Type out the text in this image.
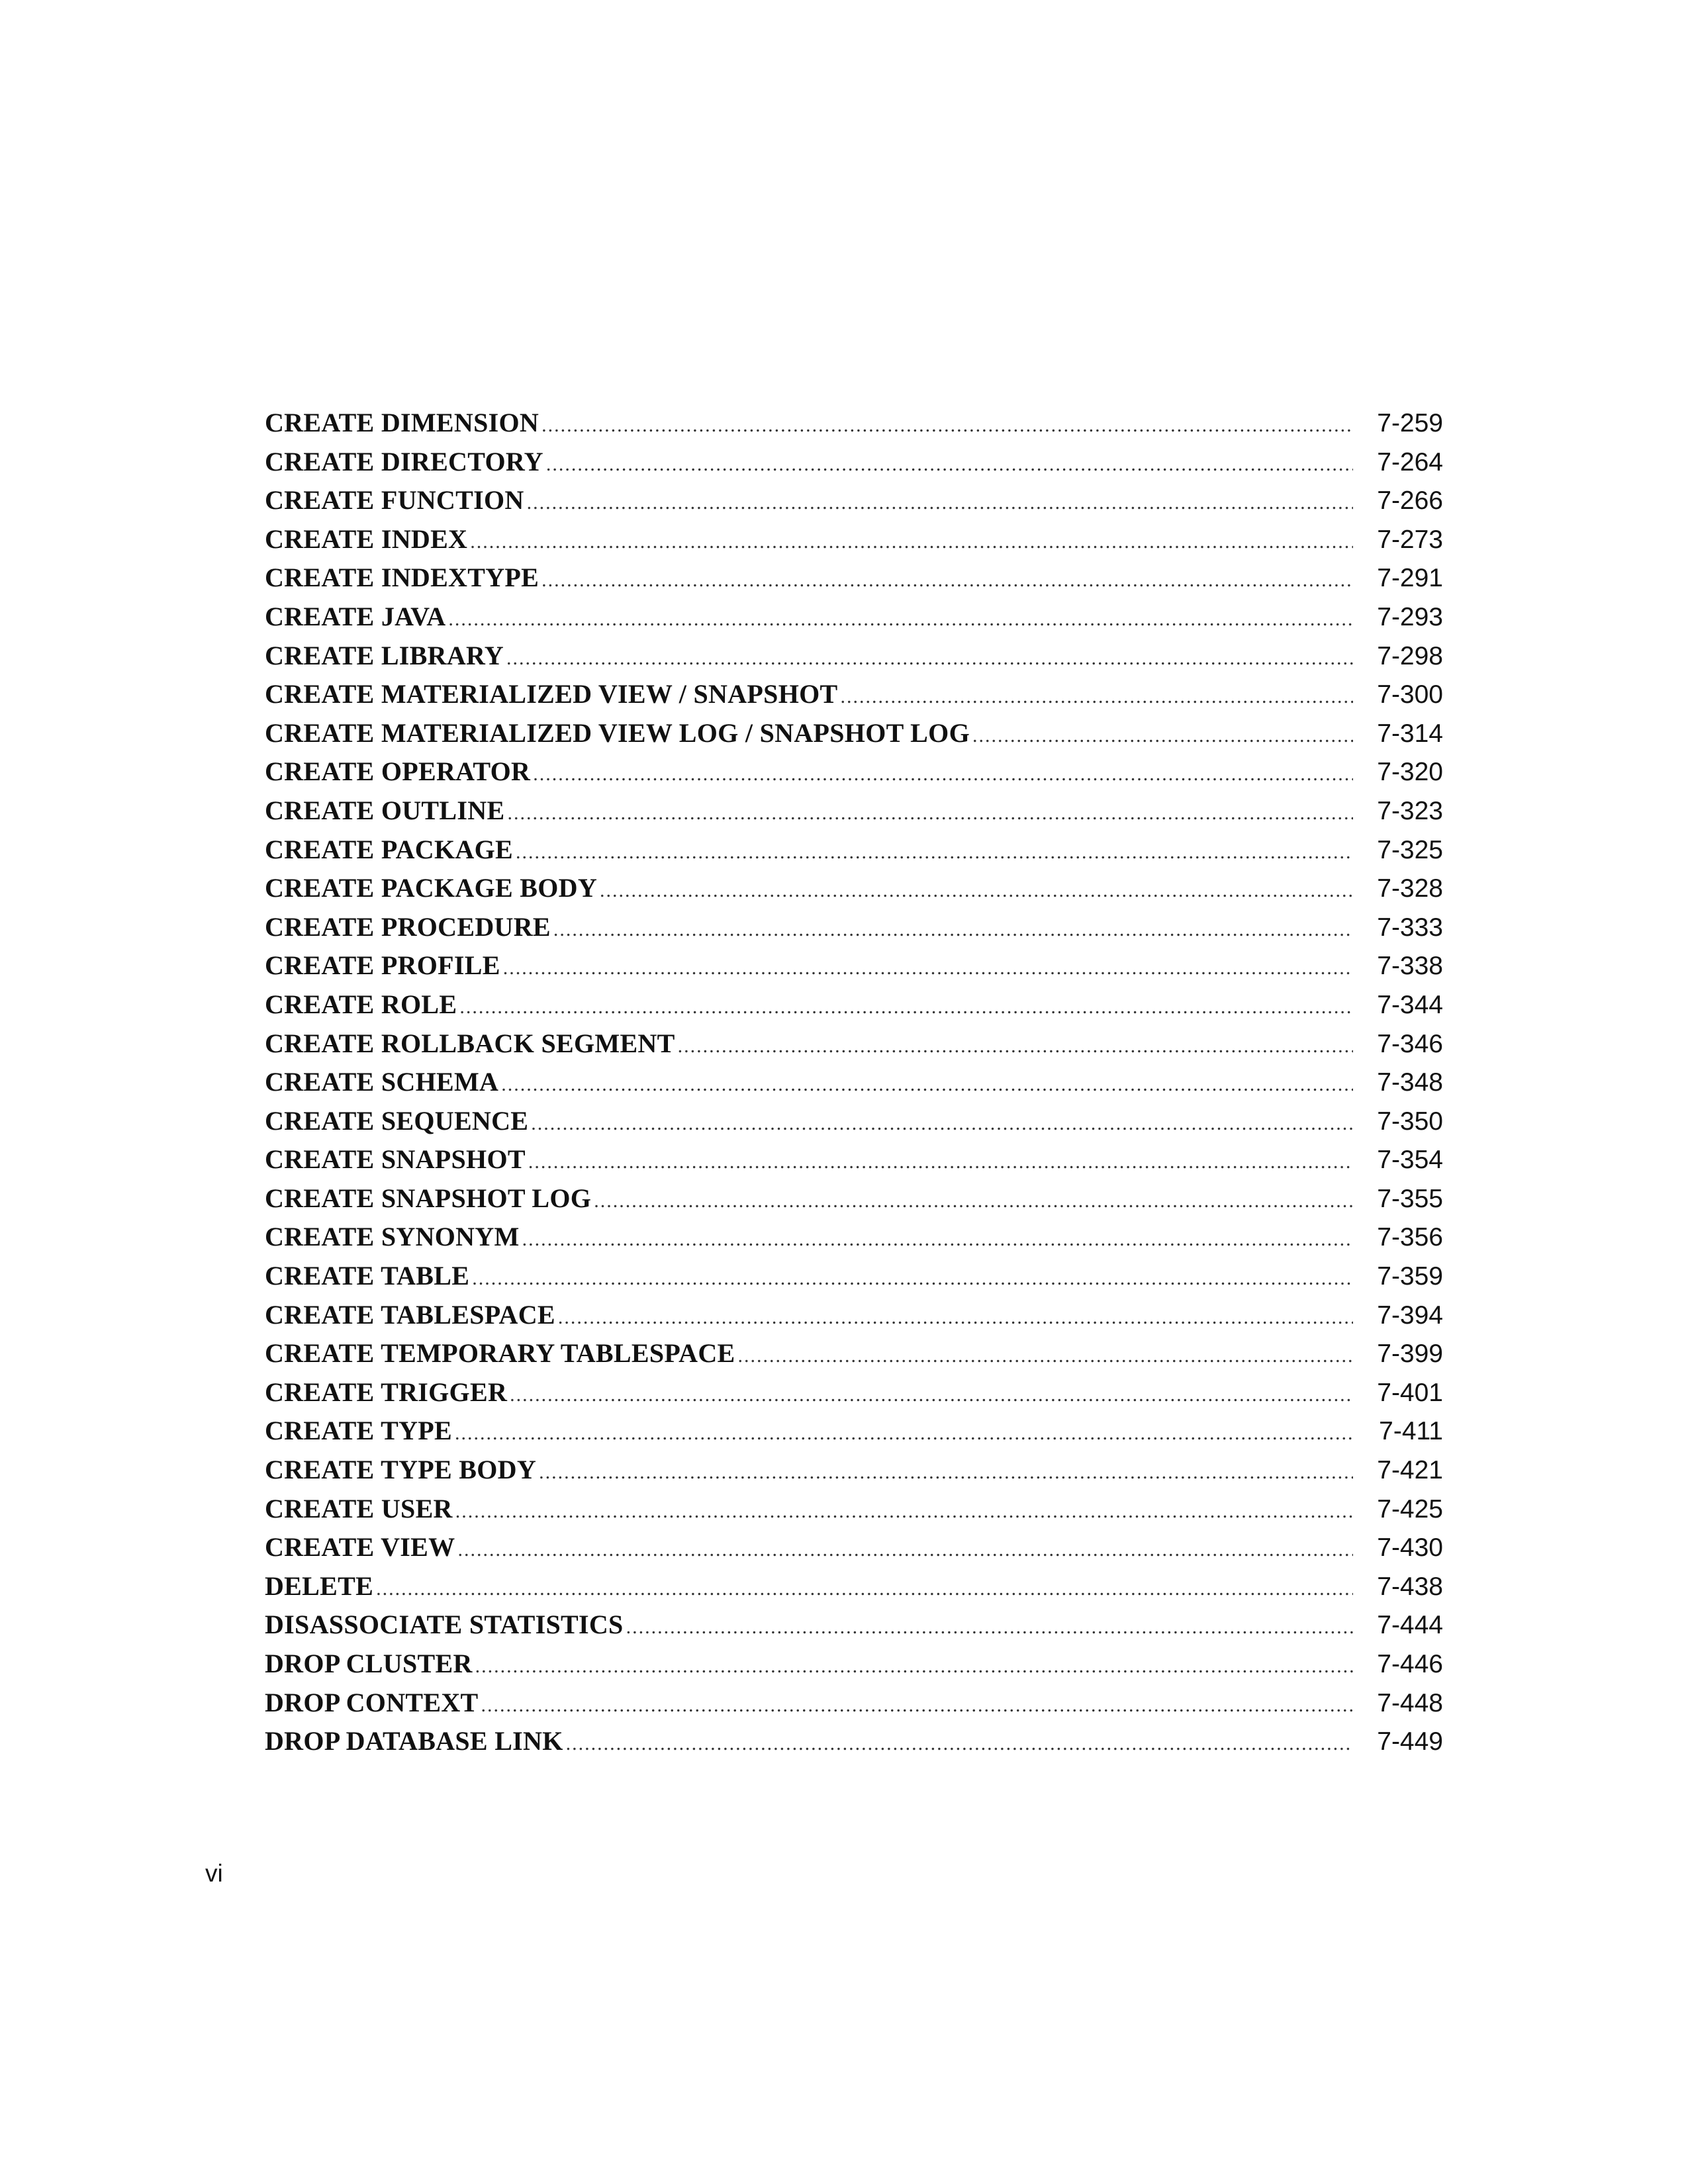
CREATE DIMENSION .....	7-259
CREATE DIRECTORY .....	7-264
CREATE FUNCTION .....	7-266
CREATE INDEX .....	7-273
CREATE INDEXTYPE .....	7-291
CREATE JAVA .....	7-293
CREATE LIBRARY .....	7-298
CREATE MATERIALIZED VIEW / SNAPSHOT .....	7-300
CREATE MATERIALIZED VIEW LOG / SNAPSHOT LOG .....	7-314
CREATE OPERATOR .....	7-320
CREATE OUTLINE .....	7-323
CREATE PACKAGE .....	7-325
CREATE PACKAGE BODY .....	7-328
CREATE PROCEDURE .....	7-333
CREATE PROFILE .....	7-338
CREATE ROLE .....	7-344
CREATE ROLLBACK SEGMENT .....	7-346
CREATE SCHEMA .....	7-348
CREATE SEQUENCE .....	7-350
CREATE SNAPSHOT .....	7-354
CREATE SNAPSHOT LOG .....	7-355
CREATE SYNONYM .....	7-356
CREATE TABLE .....	7-359
CREATE TABLESPACE .....	7-394
CREATE TEMPORARY TABLESPACE .....	7-399
CREATE TRIGGER .....	7-401
CREATE TYPE .....	7-411
CREATE TYPE BODY .....	7-421
CREATE USER .....	7-425
CREATE VIEW .....	7-430
DELETE .....	7-438
DISASSOCIATE STATISTICS .....	7-444
DROP CLUSTER .....	7-446
DROP CONTEXT .....	7-448
DROP DATABASE LINK .....	7-449
vi
